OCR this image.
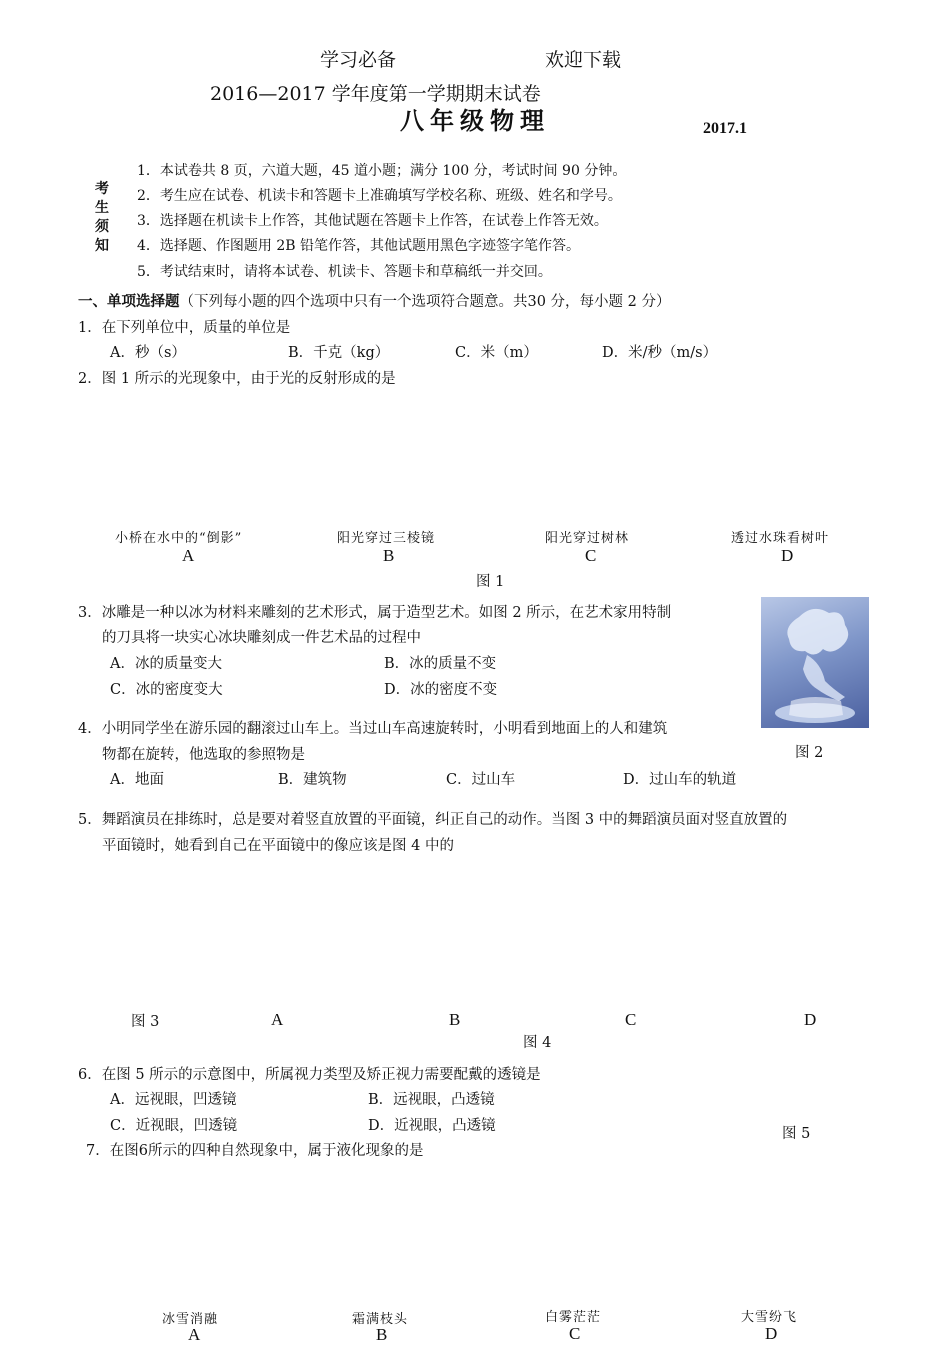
学习必备	欢迎下载
2016—2017 学年度第一学期期末试卷
八年级物理	2017.1
考
生
须
知
1．本试卷共 8 页，六道大题，45 道小题；满分 100 分，考试时间 90 分钟。
2．考生应在试卷、机读卡和答题卡上准确填写学校名称、班级、姓名和学号。
3．选择题在机读卡上作答，其他试题在答题卡上作答，在试卷上作答无效。
4．选择题、作图题用 2B 铅笔作答，其他试题用黑色字迹签字笔作答。
5．考试结束时，请将本试卷、机读卡、答题卡和草稿纸一并交回。
一、单项选择题（下列每小题的四个选项中只有一个选项符合题意。共30 分，每小题 2 分）
1．在下列单位中，质量的单位是
A．秒（s）	B．千克（kg）	C．米（m）	D．米/秒（m/s）
2．图 1 所示的光现象中，由于光的反射形成的是
小桥在水中的“倒影”	阳光穿过三棱镜	阳光穿过树林	透过水珠看树叶
A	B	C	D
图 1
3．冰雕是一种以冰为材料来雕刻的艺术形式，属于造型艺术。如图 2 所示，在艺术家用特制
的刀具将一块实心冰块雕刻成一件艺术品的过程中
A．冰的质量变大	B．冰的质量不变
C．冰的密度变大	D．冰的密度不变
图 2
4．小明同学坐在游乐园的翻滚过山车上。当过山车高速旋转时，小明看到地面上的人和建筑
物都在旋转，他选取的参照物是
A．地面	B．建筑物	C．过山车	D．过山车的轨道
5．舞蹈演员在排练时，总是要对着竖直放置的平面镜，纠正自己的动作。当图 3 中的舞蹈演员面对竖直放置的
平面镜时，她看到自己在平面镜中的像应该是图 4 中的
图 3	A	B	C	D
图 4
6．在图 5 所示的示意图中，所属视力类型及矫正视力需要配戴的透镜是
A．远视眼，凹透镜	B．远视眼，凸透镜
C．近视眼，凹透镜	D．近视眼，凸透镜	图 5
7．在图6所示的四种自然现象中，属于液化现象的是
冰雪消融	霜满枝头	白雾茫茫	大雪纷飞
A	B	C	D
